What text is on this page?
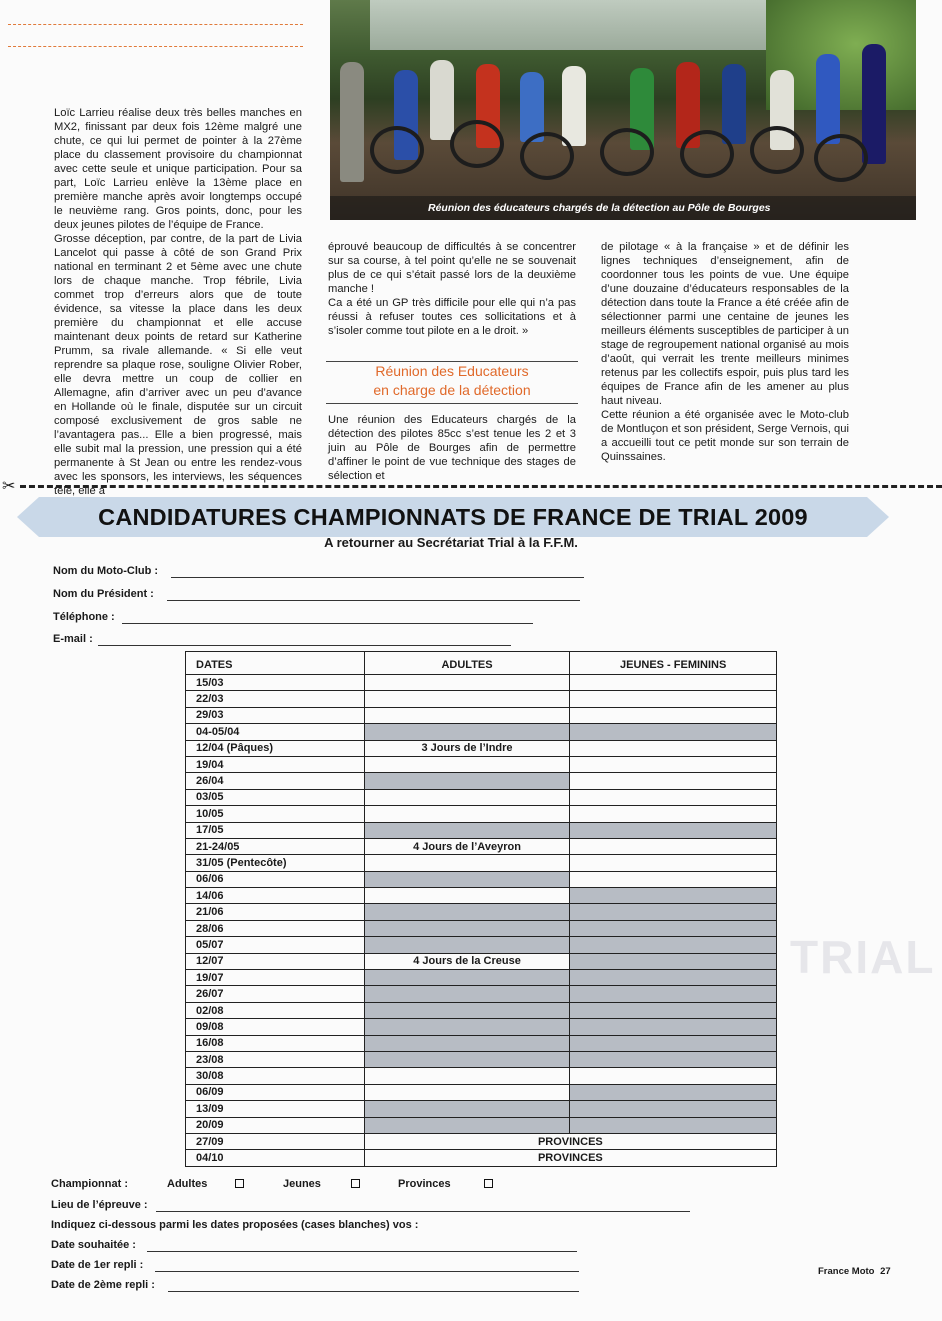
Loïc Larrieu réalise deux très belles manches en MX2, finissant par deux fois 12ème malgré une chute, ce qui lui permet de pointer à la 27ème place du classement provisoire du championnat avec cette seule et unique participation. Pour sa part, Loïc Larrieu enlève la 13ème place en première manche après avoir longtemps occupé le neuvième rang. Gros points, donc, pour les deux jeunes pilotes de l’équipe de France.

Grosse déception, par contre, de la part de Livia Lancelot qui passe à côté de son Grand Prix national en terminant 2 et 5ème avec une chute lors de chaque manche. Trop fébrile, Livia commet trop d’erreurs alors que de toute évidence, sa vitesse la place dans les deux première du championnat et elle accuse maintenant deux points de retard sur Katherine Prumm, sa rivale allemande. « Si elle veut reprendre sa plaque rose, souligne Olivier Rober, elle devra mettre un coup de collier en Allemagne, afin d’arriver avec un peu d’avance en Hollande où le finale, disputée sur un circuit composé exclusivement de gros sable ne l’avantagera pas... Elle a bien progressé, mais elle subit mal la pression, une pression qui a été permanente à St Jean ou entre les rendez-vous avec les sponsors, les interviews, les séquences télé, elle a

Réunion des éducateurs chargés de la détection au Pôle de Bourges

éprouvé beaucoup de difficultés à se concentrer sur sa course, à tel point qu’elle ne se souvenait plus de ce qui s’était passé lors de la deuxième manche !

Ca a été un GP très difficile pour elle qui n’a pas réussi à refuser toutes ces sollicitations et à s’isoler comme tout pilote en a le droit. »

Réunion des Educateurs
en charge de la détection

Une réunion des Educateurs chargés de la détection des pilotes 85cc s’est tenue les 2 et 3 juin au Pôle de Bourges afin de permettre d’affiner le point de vue technique des stages de sélection et

de pilotage « à la française » et de définir les lignes techniques d’enseignement, afin de coordonner tous les points de vue. Une équipe d’une douzaine d’éducateurs responsables de la détection dans toute la France a été créée afin de sélectionner parmi une centaine de jeunes les meilleurs éléments susceptibles de participer à un stage de regroupement national organisé au mois d’août, qui verrait les trente meilleurs minimes retenus par les collectifs espoir, puis plus tard les équipes de France afin de les amener au plus haut niveau.

Cette réunion a été organisée avec le Moto-club de Montluçon et son président, Serge Vernois, qui a accueilli tout ce petit monde sur son terrain de Quinssaines.

✂
CANDIDATURES CHAMPIONNATS DE FRANCE DE TRIAL 2009
A retourner au Secrétariat Trial à la F.F.M.
TRIAL
Nom du Moto-Club :
Nom du Président :
Téléphone :
E-mail :
DATES	ADULTES	JEUNES - FEMININS
15/03		
22/03		
29/03		
04-05/04		
12/04 (Pâques)	3 Jours de l’Indre	
19/04		
26/04		
03/05		
10/05		
17/05		
21-24/05	4 Jours de l’Aveyron	
31/05 (Pentecôte)		
06/06		
14/06		
21/06		
28/06		
05/07		
12/07	4 Jours de la Creuse	
19/07		
26/07		
02/08		
09/08		
16/08		
23/08		
30/08		
06/09		
13/09		
20/09		
27/09	PROVINCES	
04/10	PROVINCES	
Championnat :	Adultes	Jeunes	Provinces
Lieu de l’épreuve :
Indiquez ci-dessous parmi les dates proposées (cases blanches) vos :
Date souhaitée :
Date de 1er repli :
Date de 2ème repli :
France Moto 27
